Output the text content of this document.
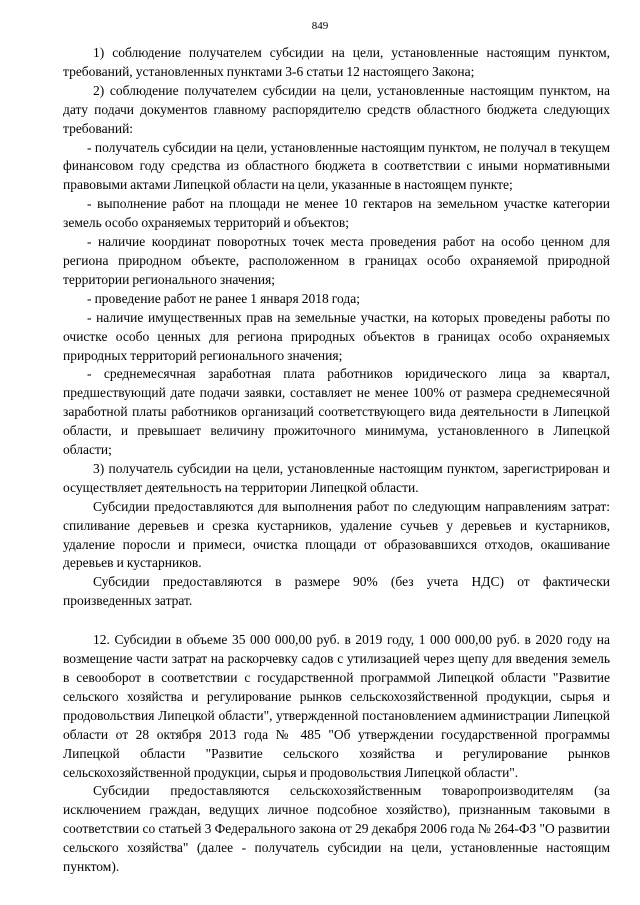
849

1) соблюдение получателем субсидии на цели, установленные настоящим пунктом, требований, установленных пунктами 3-6 статьи 12 настоящего Закона;

2) соблюдение получателем субсидии на цели, установленные настоящим пунктом, на дату подачи документов главному распорядителю средств областного бюджета следующих требований:

- получатель субсидии на цели, установленные настоящим пунктом, не получал в текущем финансовом году средства из областного бюджета в соответствии с иными нормативными правовыми актами Липецкой области на цели, указанные в настоящем пункте;

- выполнение работ на площади не менее 10 гектаров на земельном участке категории земель особо охраняемых территорий и объектов;

- наличие координат поворотных точек места проведения работ на особо ценном для региона природном объекте, расположенном в границах особо охраняемой природной территории регионального значения;

- проведение работ не ранее 1 января 2018 года;

- наличие имущественных прав на земельные участки, на которых проведены работы по очистке особо ценных для региона природных объектов в границах особо охраняемых природных территорий регионального значения;

- среднемесячная заработная плата работников юридического лица за квартал, предшествующий дате подачи заявки, составляет не менее 100% от размера среднемесячной заработной платы работников организаций соответствующего вида деятельности в Липецкой области, и превышает величину прожиточного минимума, установленного в Липецкой области;

3) получатель субсидии на цели, установленные настоящим пунктом, зарегистрирован и осуществляет деятельность на территории Липецкой области.

Субсидии предоставляются для выполнения работ по следующим направлениям затрат: спиливание деревьев и срезка кустарников, удаление сучьев у деревьев и кустарников, удаление поросли и примеси, очистка площади от образовавшихся отходов, окашивание деревьев и кустарников.

Субсидии предоставляются в размере 90% (без учета НДС) от фактически произведенных затрат.

12. Субсидии в объеме 35 000 000,00 руб. в 2019 году, 1 000 000,00 руб. в 2020 году на возмещение части затрат на раскорчевку садов с утилизацией через щепу для введения земель в севооборот в соответствии с государственной программой Липецкой области "Развитие сельского хозяйства и регулирование рынков сельскохозяйственной продукции, сырья и продовольствия Липецкой области", утвержденной постановлением администрации Липецкой области от 28 октября 2013 года № 485 "Об утверждении государственной программы Липецкой области "Развитие сельского хозяйства и регулирование рынков сельскохозяйственной продукции, сырья и продовольствия Липецкой области".

Субсидии предоставляются сельскохозяйственным товаропроизводителям (за исключением граждан, ведущих личное подсобное хозяйство), признанным таковыми в соответствии со статьей 3 Федерального закона от 29 декабря 2006 года № 264-ФЗ "О развитии сельского хозяйства" (далее - получатель субсидии на цели, установленные настоящим пунктом).
